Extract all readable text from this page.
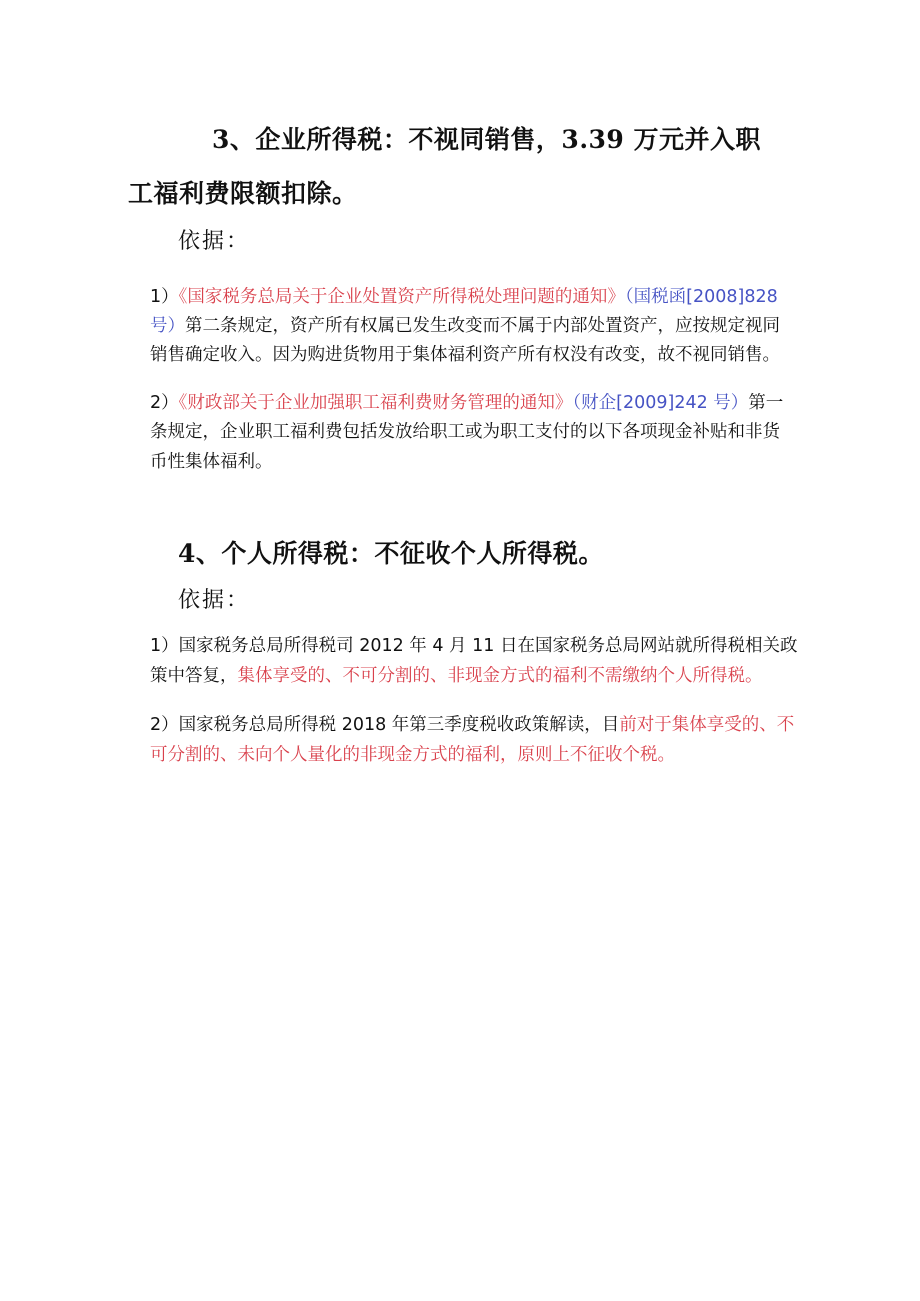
3、企业所得税：不视同销售，3.39 万元并入职
工福利费限额扣除。
依据：
1）《国家税务总局关于企业处置资产所得税处理问题的通知》（国税函[2008]828
号）第二条规定，资产所有权属已发生改变而不属于内部处置资产，应按规定视同
销售确定收入。因为购进货物用于集体福利资产所有权没有改变，故不视同销售。
2）《财政部关于企业加强职工福利费财务管理的通知》（财企[2009]242 号）第一
条规定，企业职工福利费包括发放给职工或为职工支付的以下各项现金补贴和非货
币性集体福利。
4、个人所得税：不征收个人所得税。
依据：
1）国家税务总局所得税司 2012 年 4 月 11 日在国家税务总局网站就所得税相关政
策中答复，集体享受的、不可分割的、非现金方式的福利不需缴纳个人所得税。
2）国家税务总局所得税 2018 年第三季度税收政策解读，目前对于集体享受的、不
可分割的、未向个人量化的非现金方式的福利，原则上不征收个税。
